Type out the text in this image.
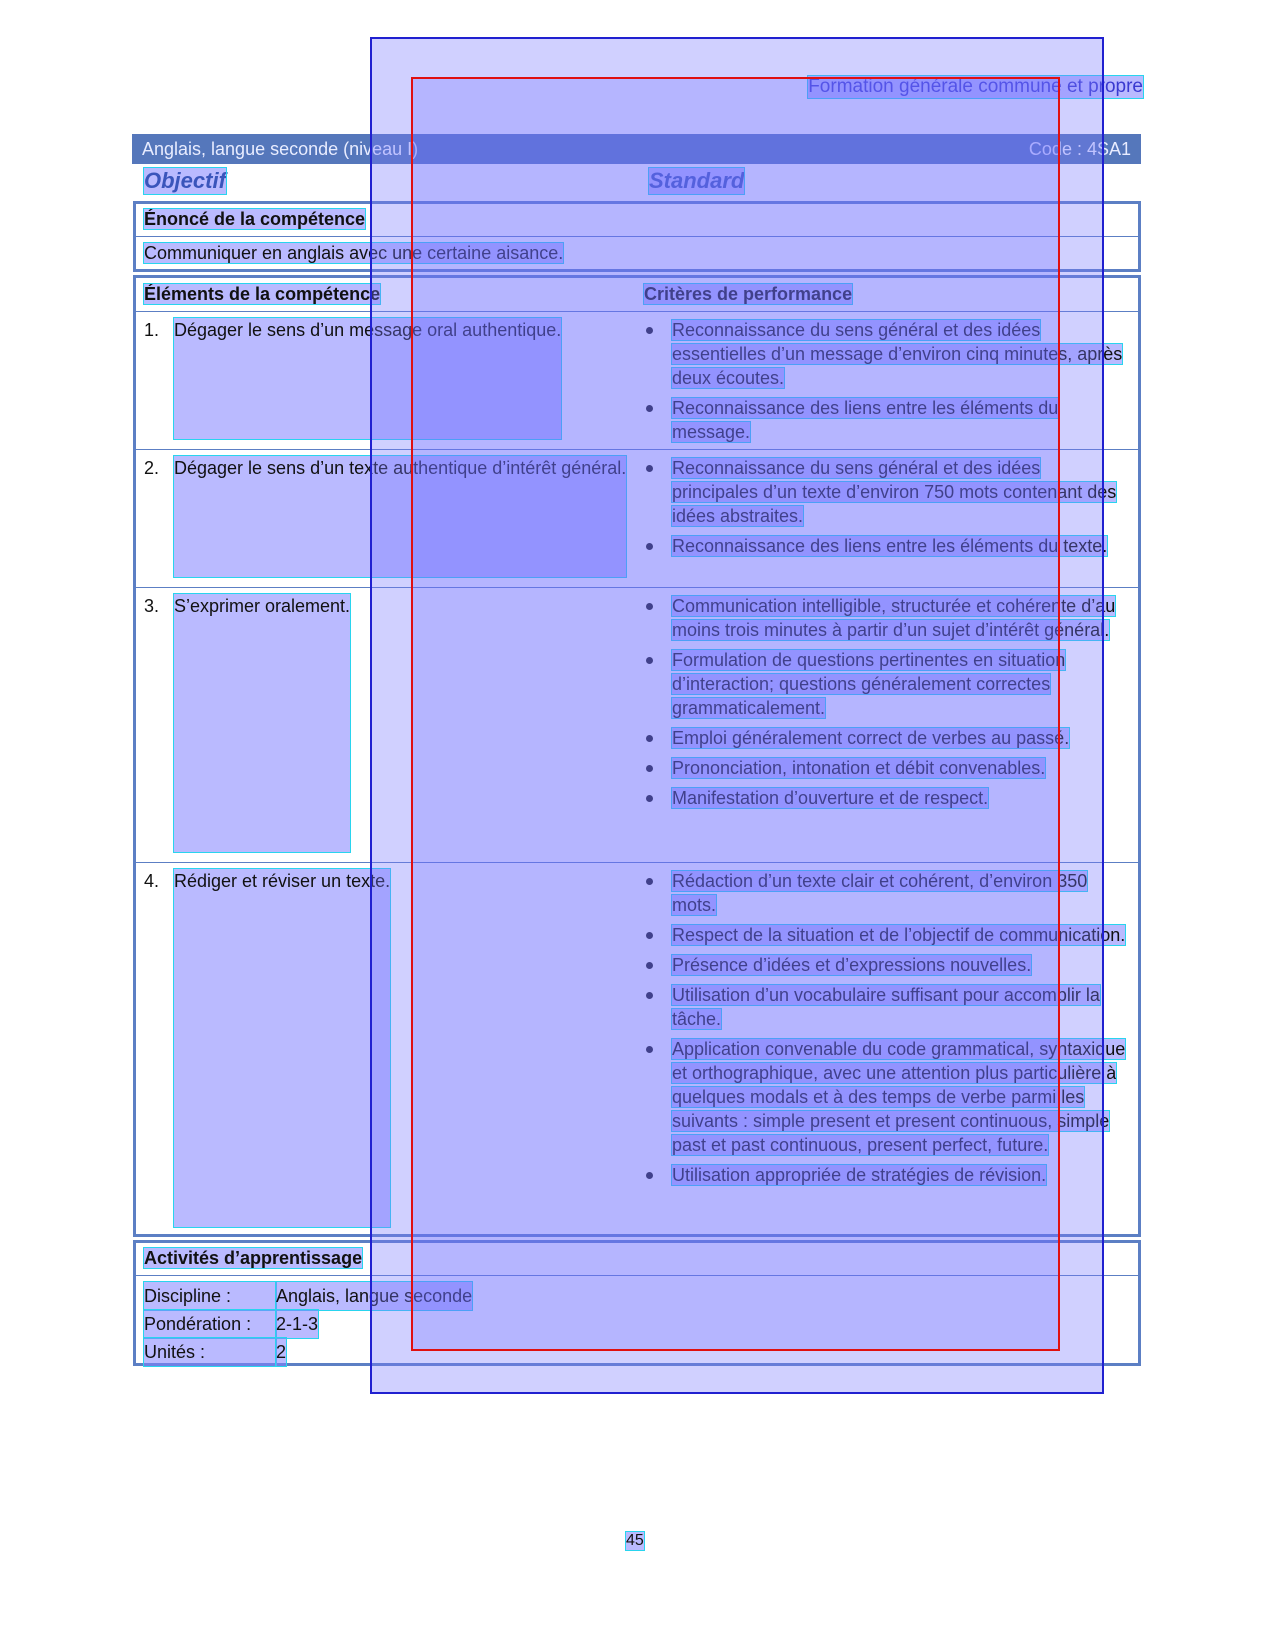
Formation générale commune et propre
Anglais, langue seconde (niveau I)	Code : 4SA1
Objectif	Standard
Énoncé de la compétence
Communiquer en anglais avec une certaine aisance.
Éléments de la compétence	Critères de performance
1. Dégager le sens d’un message oral authentique.	Reconnaissance du sens général et des idées essentielles d’un message d’environ cinq minutes, après deux écoutes.
Reconnaissance des liens entre les éléments du message.
2. Dégager le sens d’un texte authentique d’intérêt général.	Reconnaissance du sens général et des idées principales d’un texte d’environ 750 mots contenant des idées abstraites.
Reconnaissance des liens entre les éléments du texte.
3. S’exprimer oralement.	Communication intelligible, structurée et cohérente d’au moins trois minutes à partir d’un sujet d’intérêt général.
Formulation de questions pertinentes en situation d’interaction; questions généralement correctes grammaticalement.
Emploi généralement correct de verbes au passé.
Prononciation, intonation et débit convenables.
Manifestation d’ouverture et de respect.
4. Rédiger et réviser un texte.	Rédaction d’un texte clair et cohérent, d’environ 350 mots.
Respect de la situation et de l’objectif de communication.
Présence d’idées et d’expressions nouvelles.
Utilisation d’un vocabulaire suffisant pour accomplir la tâche.
Application convenable du code grammatical, syntaxique et orthographique, avec une attention plus particulière à quelques modals et à des temps de verbe parmi les suivants : simple present et present continuous, simple past et past continuous, present perfect, future.
Utilisation appropriée de stratégies de révision.
Activités d’apprentissage
Discipline :	Anglais, langue seconde
Pondération :	2-1-3
Unités :	2
45
